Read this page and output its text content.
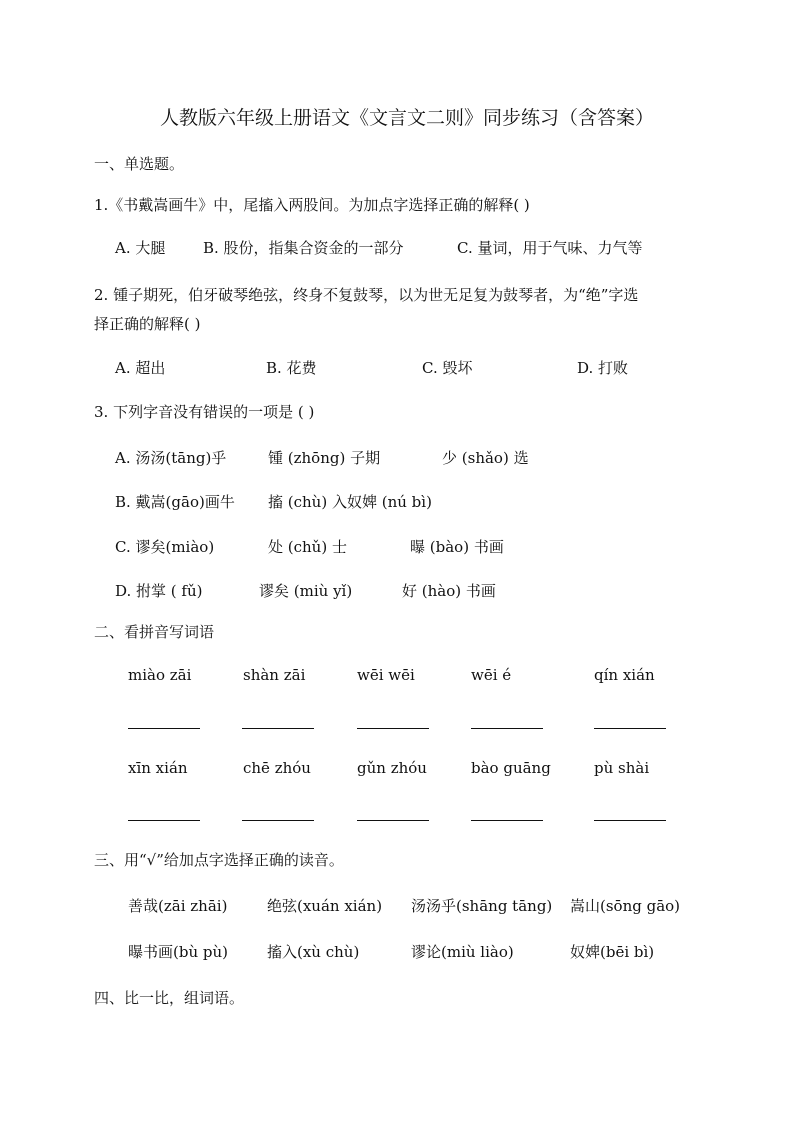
人教版六年级上册语文《文言文二则》同步练习（含答案）
一、单选题。
1.《书戴嵩画牛》中，尾搐入两股间。为加点字选择正确的解释( )
A. 大腿	B. 股份，指集合资金的一部分	C. 量词，用于气味、力气等
2. 锺子期死，伯牙破琴绝弦，终身不复鼓琴，以为世无足复为鼓琴者，为“绝”字选
择正确的解释( )
A. 超出	B. 花费	C. 毁坏	D. 打败
3. 下列字音没有错误的一项是 ( )
A. 汤汤(tāng)乎	锺 (zhōng) 子期	少 (shǎo) 选
B. 戴嵩(gāo)画牛 搐 (chù) 入奴婢 (nú bì)
C. 谬矣(miào)	处 (chǔ) 士	曝 (bào) 书画
D. 拊掌 ( fǔ)	谬矣 (miù yǐ)	好 (hào) 书画
二、看拼音写词语
miào zāi	shàn zāi	wēi wēi	wēi é	qín xián
xīn xián	chē zhóu	gǔn zhóu	bào guāng	pù shài
三、用“√”给加点字选择正确的读音。
善哉(zāi zhāi)	绝弦(xuán xián) 汤汤乎(shāng tāng) 嵩山(sōng gāo)
曝书画(bù pù)	搐入(xù chù)	谬论(miù liào)	奴婢(bēi bì)
四、比一比，组词语。
